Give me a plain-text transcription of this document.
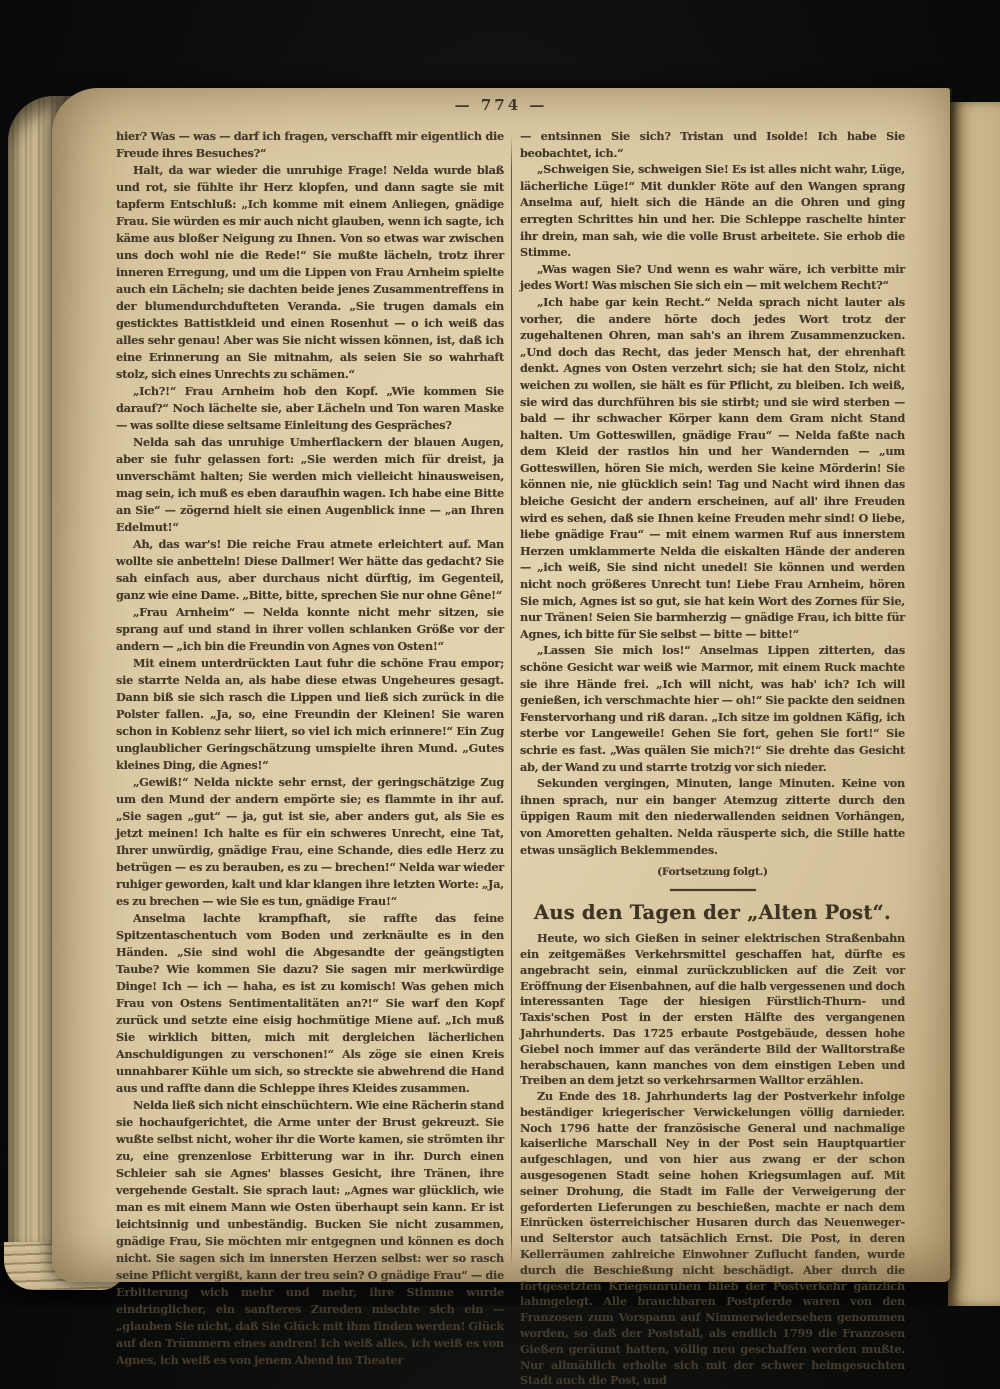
— 774 —

hier? Was — was — darf ich fragen, verschafft mir eigentlich die Freude ihres Besuches?“

Halt, da war wieder die unruhige Frage! Nelda wurde blaß und rot, sie fühlte ihr Herz klopfen, und dann sagte sie mit tapferm Entschluß: „Ich komme mit einem Anliegen, gnädige Frau. Sie würden es mir auch nicht glauben, wenn ich sagte, ich käme aus bloßer Neigung zu Ihnen. Von so etwas war zwischen uns doch wohl nie die Rede!“ Sie mußte lächeln, trotz ihrer inneren Erregung, und um die Lippen von Frau Arnheim spielte auch ein Lächeln; sie dachten beide jenes Zusammentreffens in der blumendurchdufteten Veranda. „Sie trugen damals ein gesticktes Battistkleid und einen Rosenhut — o ich weiß das alles sehr genau! Aber was Sie nicht wissen können, ist, daß ich eine Erinnerung an Sie mitnahm, als seien Sie so wahrhaft stolz, sich eines Unrechts zu schämen.“

„Ich?!“ Frau Arnheim hob den Kopf. „Wie kommen Sie darauf?“ Noch lächelte sie, aber Lächeln und Ton waren Maske — was sollte diese seltsame Einleitung des Gespräches?

Nelda sah das unruhige Umherflackern der blauen Augen, aber sie fuhr gelassen fort: „Sie werden mich für dreist, ja unverschämt halten; Sie werden mich vielleicht hinausweisen, mag sein, ich muß es eben daraufhin wagen. Ich habe eine Bitte an Sie“ — zögernd hielt sie einen Augenblick inne — „an Ihren Edelmut!“

Ah, das war's! Die reiche Frau atmete erleichtert auf. Man wollte sie anbetteln! Diese Dallmer! Wer hätte das gedacht? Sie sah einfach aus, aber durchaus nicht dürftig, im Gegenteil, ganz wie eine Dame. „Bitte, bitte, sprechen Sie nur ohne Gêne!“

„Frau Arnheim“ — Nelda konnte nicht mehr sitzen, sie sprang auf und stand in ihrer vollen schlanken Größe vor der andern — „ich bin die Freundin von Agnes von Osten!“

Mit einem unterdrückten Laut fuhr die schöne Frau empor; sie starrte Nelda an, als habe diese etwas Ungeheures gesagt. Dann biß sie sich rasch die Lippen und ließ sich zurück in die Polster fallen. „Ja, so, eine Freundin der Kleinen! Sie waren schon in Koblenz sehr liiert, so viel ich mich erinnere!“ Ein Zug unglaublicher Geringschätzung umspielte ihren Mund. „Gutes kleines Ding, die Agnes!“

„Gewiß!“ Nelda nickte sehr ernst, der geringschätzige Zug um den Mund der andern empörte sie; es flammte in ihr auf. „Sie sagen „gut“ — ja, gut ist sie, aber anders gut, als Sie es jetzt meinen! Ich halte es für ein schweres Unrecht, eine Tat, Ihrer unwürdig, gnädige Frau, eine Schande, dies edle Herz zu betrügen — es zu berauben, es zu — brechen!“ Nelda war wieder ruhiger geworden, kalt und klar klangen ihre letzten Worte: „Ja, es zu brechen — wie Sie es tun, gnädige Frau!“

Anselma lachte krampfhaft, sie raffte das feine Spitzentaschentuch vom Boden und zerknäulte es in den Händen. „Sie sind wohl die Abgesandte der geängstigten Taube? Wie kommen Sie dazu? Sie sagen mir merkwürdige Dinge! Ich — ich — haha, es ist zu komisch! Was gehen mich Frau von Ostens Sentimentalitäten an?!“ Sie warf den Kopf zurück und setzte eine eisig hochmütige Miene auf. „Ich muß Sie wirklich bitten, mich mit dergleichen lächerlichen Anschuldigungen zu verschonen!“ Als zöge sie einen Kreis unnahbarer Kühle um sich, so streckte sie abwehrend die Hand aus und raffte dann die Schleppe ihres Kleides zusammen.

Nelda ließ sich nicht einschüchtern. Wie eine Rächerin stand sie hochaufgerichtet, die Arme unter der Brust gekreuzt. Sie wußte selbst nicht, woher ihr die Worte kamen, sie strömten ihr zu, eine grenzenlose Erbitterung war in ihr. Durch einen Schleier sah sie Agnes' blasses Gesicht, ihre Tränen, ihre vergehende Gestalt. Sie sprach laut: „Agnes war glücklich, wie man es mit einem Mann wie Osten überhaupt sein kann. Er ist leichtsinnig und unbeständig. Bucken Sie nicht zusammen, gnädige Frau, Sie möchten mir entgegnen und können es doch nicht. Sie sagen sich im innersten Herzen selbst: wer so rasch seine Pflicht vergißt, kann der treu sein? O gnädige Frau“ — die Erbitterung wich mehr und mehr, ihre Stimme wurde eindringlicher, ein sanfteres Zureden mischte sich ein — „glauben Sie nicht, daß Sie Glück mit ihm finden werden! Glück auf den Trümmern eines andren! Ich weiß alles, ich weiß es von Agnes, ich weiß es von jenem Abend im Theater

— entsinnen Sie sich? Tristan und Isolde! Ich habe Sie beobachtet, ich.“

„Schweigen Sie, schweigen Sie! Es ist alles nicht wahr, Lüge, lächerliche Lüge!“ Mit dunkler Röte auf den Wangen sprang Anselma auf, hielt sich die Hände an die Ohren und ging erregten Schrittes hin und her. Die Schleppe raschelte hinter ihr drein, man sah, wie die volle Brust arbeitete. Sie erhob die Stimme.

„Was wagen Sie? Und wenn es wahr wäre, ich verbitte mir jedes Wort! Was mischen Sie sich ein — mit welchem Recht?“

„Ich habe gar kein Recht.“ Nelda sprach nicht lauter als vorher, die andere hörte doch jedes Wort trotz der zugehaltenen Ohren, man sah's an ihrem Zusammenzucken. „Und doch das Recht, das jeder Mensch hat, der ehrenhaft denkt. Agnes von Osten verzehrt sich; sie hat den Stolz, nicht weichen zu wollen, sie hält es für Pflicht, zu bleiben. Ich weiß, sie wird das durchführen bis sie stirbt; und sie wird sterben — bald — ihr schwacher Körper kann dem Gram nicht Stand halten. Um Gotteswillen, gnädige Frau“ — Nelda faßte nach dem Kleid der rastlos hin und her Wandernden — „um Gotteswillen, hören Sie mich, werden Sie keine Mörderin! Sie können nie, nie glücklich sein! Tag und Nacht wird ihnen das bleiche Gesicht der andern erscheinen, auf all' ihre Freuden wird es sehen, daß sie Ihnen keine Freuden mehr sind! O liebe, liebe gnädige Frau“ — mit einem warmen Ruf aus innerstem Herzen umklammerte Nelda die eiskalten Hände der anderen — „ich weiß, Sie sind nicht unedel! Sie können und werden nicht noch größeres Unrecht tun! Liebe Frau Arnheim, hören Sie mich, Agnes ist so gut, sie hat kein Wort des Zornes für Sie, nur Tränen! Seien Sie barmherzig — gnädige Frau, ich bitte für Agnes, ich bitte für Sie selbst — bitte — bitte!“

„Lassen Sie mich los!“ Anselmas Lippen zitterten, das schöne Gesicht war weiß wie Marmor, mit einem Ruck machte sie ihre Hände frei. „Ich will nicht, was hab' ich? Ich will genießen, ich verschmachte hier — oh!“ Sie packte den seidnen Fenstervorhang und riß daran. „Ich sitze im goldnen Käfig, ich sterbe vor Langeweile! Gehen Sie fort, gehen Sie fort!“ Sie schrie es fast. „Was quälen Sie mich?!“ Sie drehte das Gesicht ab, der Wand zu und starrte trotzig vor sich nieder.

Sekunden vergingen, Minuten, lange Minuten. Keine von ihnen sprach, nur ein banger Atemzug zitterte durch den üppigen Raum mit den niederwallenden seidnen Vorhängen, von Amoretten gehalten. Nelda räusperte sich, die Stille hatte etwas unsäglich Beklemmendes.

(Fortsetzung folgt.)

Aus den Tagen der „Alten Post“.

Heute, wo sich Gießen in seiner elektrischen Straßenbahn ein zeitgemäßes Verkehrsmittel geschaffen hat, dürfte es angebracht sein, einmal zurückzublicken auf die Zeit vor Eröffnung der Eisenbahnen, auf die halb vergessenen und doch interessanten Tage der hiesigen Fürstlich-Thurn- und Taxis'schen Post in der ersten Hälfte des vergangenen Jahrhunderts. Das 1725 erbaute Postgebäude, dessen hohe Giebel noch immer auf das veränderte Bild der Walltorstraße herabschauen, kann manches von dem einstigen Leben und Treiben an dem jetzt so verkehrsarmen Walltor erzählen.

Zu Ende des 18. Jahrhunderts lag der Postverkehr infolge beständiger kriegerischer Verwickelungen völlig darnieder. Noch 1796 hatte der französische General und nachmalige kaiserliche Marschall Ney in der Post sein Hauptquartier aufgeschlagen, und von hier aus zwang er der schon ausgesogenen Stadt seine hohen Kriegsumlagen auf. Mit seiner Drohung, die Stadt im Falle der Verweigerung der geforderten Lieferungen zu beschießen, machte er nach dem Einrücken österreichischer Husaren durch das Neuenweger- und Selterstor auch tatsächlich Ernst. Die Post, in deren Kellerräumen zahlreiche Einwohner Zuflucht fanden, wurde durch die Beschießung nicht beschädigt. Aber durch die fortgesetzten Kriegsunruhen blieb der Postverkehr gänzlich lahmgelegt. Alle brauchbaren Postpferde waren von den Franzosen zum Vorspann auf Nimmerwiedersehen genommen worden, so daß der Poststall, als endlich 1799 die Franzosen Gießen geräumt hatten, völlig neu geschaffen werden mußte. Nur allmählich erholte sich mit der schwer heimgesuchten Stadt auch die Post, und
